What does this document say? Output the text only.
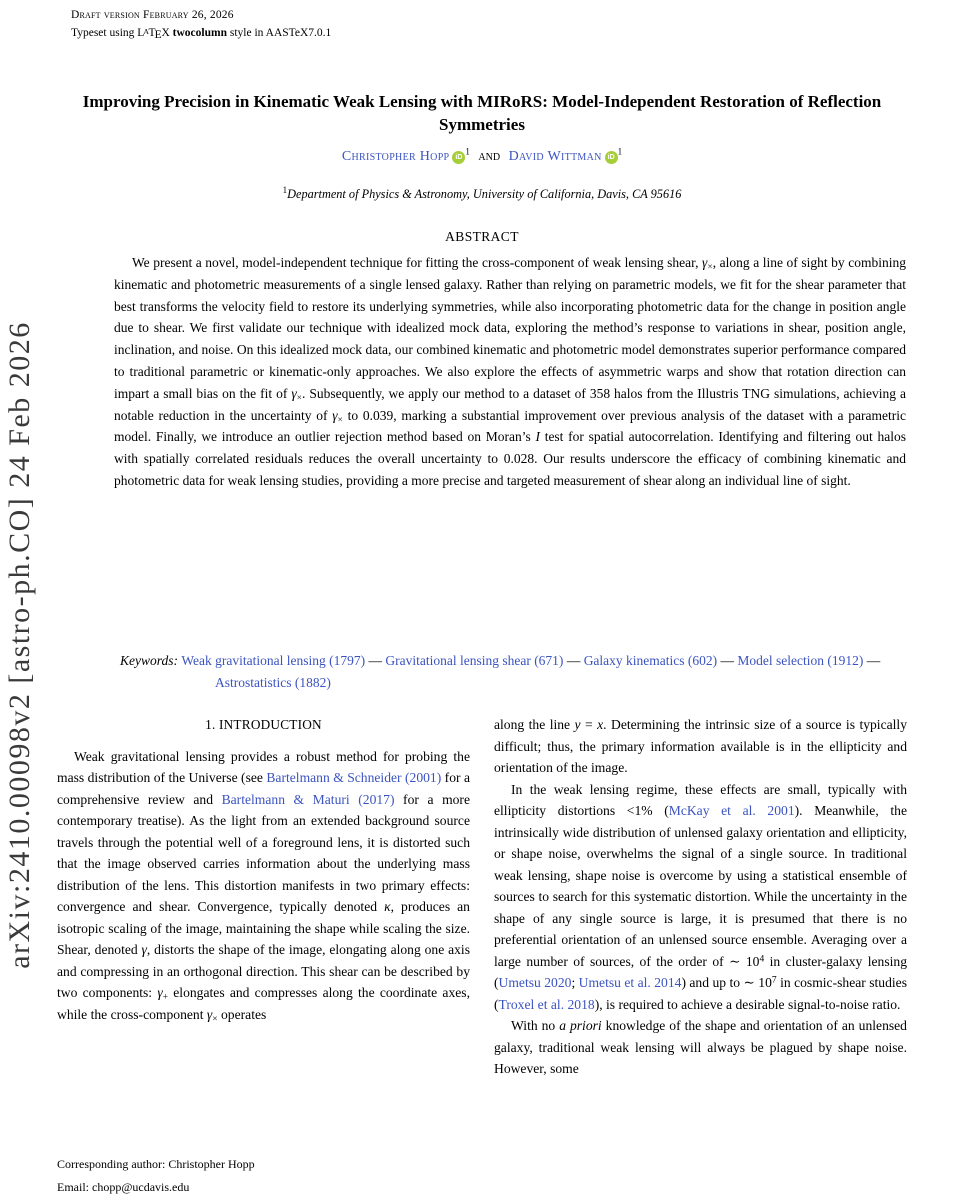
Draft version February 26, 2026
Typeset using LATEX twocolumn style in AASTeX7.0.1
arXiv:2410.00098v2 [astro-ph.CO] 24 Feb 2026
Improving Precision in Kinematic Weak Lensing with MIRoRS: Model-Independent Restoration of Reflection Symmetries
Christopher Hopp iD$^1$ and David Wittman iD$^1$
$^1$Department of Physics & Astronomy, University of California, Davis, CA 95616
ABSTRACT

We present a novel, model-independent technique for fitting the cross-component of weak lensing shear, γ×, along a line of sight by combining kinematic and photometric measurements of a single lensed galaxy. Rather than relying on parametric models, we fit for the shear parameter that best transforms the velocity field to restore its underlying symmetries, while also incorporating photometric data for the change in position angle due to shear. We first validate our technique with idealized mock data, exploring the method’s response to variations in shear, position angle, inclination, and noise. On this idealized mock data, our combined kinematic and photometric model demonstrates superior performance compared to traditional parametric or kinematic-only approaches. We also explore the effects of asymmetric warps and show that rotation direction can impart a small bias on the fit of γ×. Subsequently, we apply our method to a dataset of 358 halos from the Illustris TNG simulations, achieving a notable reduction in the uncertainty of γ× to 0.039, marking a substantial improvement over previous analysis of the dataset with a parametric model. Finally, we introduce an outlier rejection method based on Moran’s I test for spatial autocorrelation. Identifying and filtering out halos with spatially correlated residuals reduces the overall uncertainty to 0.028. Our results underscore the efficacy of combining kinematic and photometric data for weak lensing studies, providing a more precise and targeted measurement of shear along an individual line of sight.

Keywords: Weak gravitational lensing (1797) — Gravitational lensing shear (671) — Galaxy kinematics (602) — Model selection (1912) — Astrostatistics (1882)

1. INTRODUCTION

Weak gravitational lensing provides a robust method for probing the mass distribution of the Universe (see Bartelmann & Schneider (2001) for a comprehensive review and Bartelmann & Maturi (2017) for a more contemporary treatise). As the light from an extended background source travels through the potential well of a foreground lens, it is distorted such that the image observed carries information about the underlying mass distribution of the lens. This distortion manifests in two primary effects: convergence and shear. Convergence, typically denoted κ, produces an isotropic scaling of the image, maintaining the shape while scaling the size. Shear, denoted γ, distorts the shape of the image, elongating along one axis and compressing in an orthogonal direction. This shear can be described by two components: γ+ elongates and compresses along the coordinate axes, while the cross-component γ× operates

along the line y = x. Determining the intrinsic size of a source is typically difficult; thus, the primary information available is in the ellipticity and orientation of the image.

In the weak lensing regime, these effects are small, typically with ellipticity distortions <1% (McKay et al. 2001). Meanwhile, the intrinsically wide distribution of unlensed galaxy orientation and ellipticity, or shape noise, overwhelms the signal of a single source. In traditional weak lensing, shape noise is overcome by using a statistical ensemble of sources to search for this systematic distortion. While the uncertainty in the shape of any single source is large, it is presumed that there is no preferential orientation of an unlensed source ensemble. Averaging over a large number of sources, of the order of ∼ $10^4$ in cluster-galaxy lensing (Umetsu 2020; Umetsu et al. 2014) and up to ∼ $10^7$ in cosmic-shear studies (Troxel et al. 2018), is required to achieve a desirable signal-to-noise ratio.

With no a priori knowledge of the shape and orientation of an unlensed galaxy, traditional weak lensing will always be plagued by shape noise. However, some

Corresponding author: Christopher Hopp
Email: chopp@ucdavis.edu
